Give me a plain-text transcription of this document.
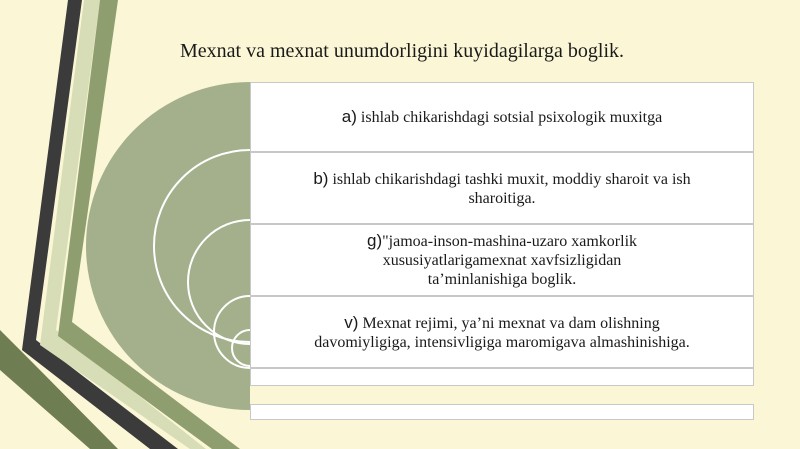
Mexnat va mexnat unumdorligini kuyidagilarga boglik.
a) ishlab chikarishdagi sotsial psixologik muxitga
b) ishlab chikarishdagi tashki muxit, moddiy sharoit va ish sharoitiga.
g)"jamoa-inson-mashina-uzaro xamkorlik xususiyatlarigamexnat xavfsizligidan ta’minlanishiga boglik.
v) Mexnat rejimi, ya’ni mexnat va dam olishning davomiyligiga, intensivligiga maromigava almashinishiga.
